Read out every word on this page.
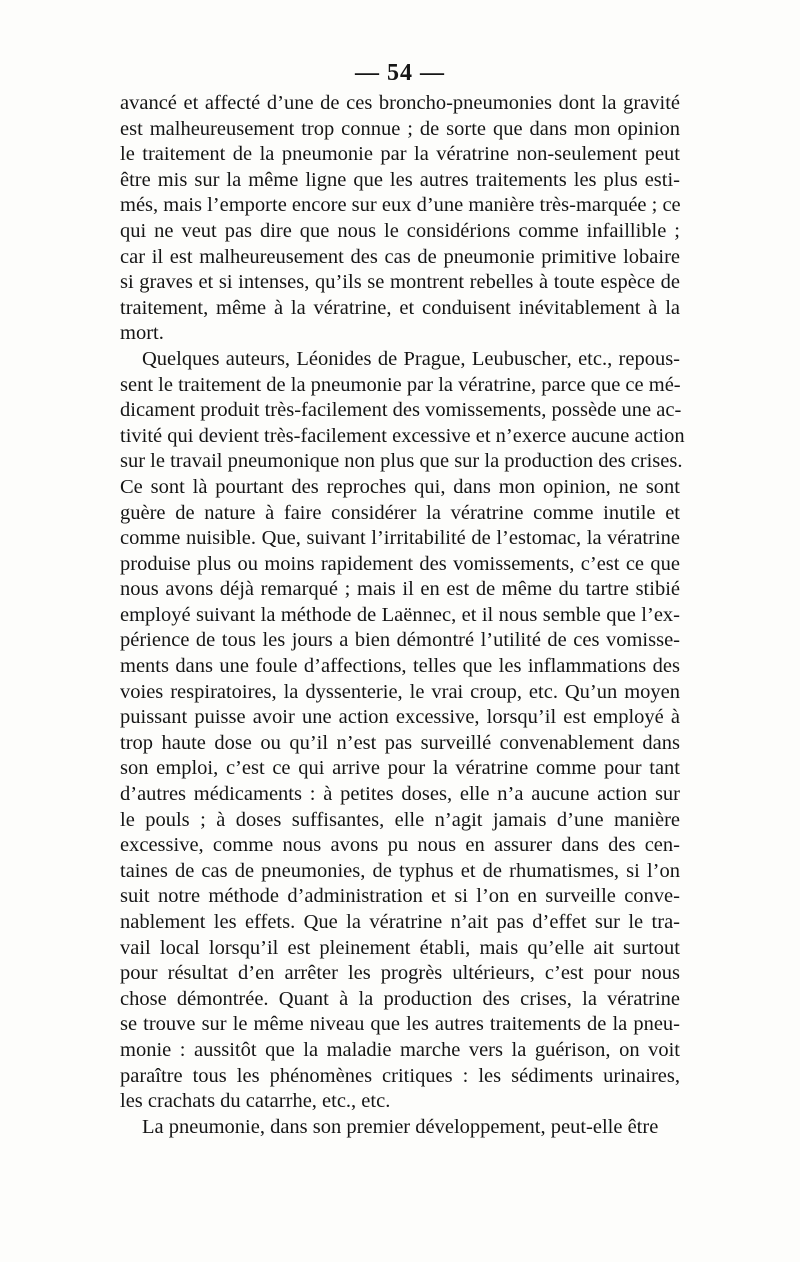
— 54 —
avancé et affecté d’une de ces broncho-pneumonies dont la gravité
est malheureusement trop connue ; de sorte que dans mon opinion
le traitement de la pneumonie par la vératrine non-seulement peut
être mis sur la même ligne que les autres traitements les plus esti-
més, mais l’emporte encore sur eux d’une manière très-marquée ; ce
qui ne veut pas dire que nous le considérions comme infaillible ;
car il est malheureusement des cas de pneumonie primitive lobaire
si graves et si intenses, qu’ils se montrent rebelles à toute espèce de
traitement, même à la vératrine, et conduisent inévitablement à la
mort.
Quelques auteurs, Léonides de Prague, Leubuscher, etc., repous-
sent le traitement de la pneumonie par la vératrine, parce que ce mé-
dicament produit très-facilement des vomissements, possède une ac-
tivité qui devient très-facilement excessive et n’exerce aucune action
sur le travail pneumonique non plus que sur la production des crises.
Ce sont là pourtant des reproches qui, dans mon opinion, ne sont
guère de nature à faire considérer la vératrine comme inutile et
comme nuisible. Que, suivant l’irritabilité de l’estomac, la vératrine
produise plus ou moins rapidement des vomissements, c’est ce que
nous avons déjà remarqué ; mais il en est de même du tartre stibié
employé suivant la méthode de Laënnec, et il nous semble que l’ex-
périence de tous les jours a bien démontré l’utilité de ces vomisse-
ments dans une foule d’affections, telles que les inflammations des
voies respiratoires, la dyssenterie, le vrai croup, etc. Qu’un moyen
puissant puisse avoir une action excessive, lorsqu’il est employé à
trop haute dose ou qu’il n’est pas surveillé convenablement dans
son emploi, c’est ce qui arrive pour la vératrine comme pour tant
d’autres médicaments : à petites doses, elle n’a aucune action sur
le pouls ; à doses suffisantes, elle n’agit jamais d’une manière
excessive, comme nous avons pu nous en assurer dans des cen-
taines de cas de pneumonies, de typhus et de rhumatismes, si l’on
suit notre méthode d’administration et si l’on en surveille conve-
nablement les effets. Que la vératrine n’ait pas d’effet sur le tra-
vail local lorsqu’il est pleinement établi, mais qu’elle ait surtout
pour résultat d’en arrêter les progrès ultérieurs, c’est pour nous
chose démontrée. Quant à la production des crises, la vératrine
se trouve sur le même niveau que les autres traitements de la pneu-
monie : aussitôt que la maladie marche vers la guérison, on voit
paraître tous les phénomènes critiques : les sédiments urinaires,
les crachats du catarrhe, etc., etc.
La pneumonie, dans son premier développement, peut-elle être
